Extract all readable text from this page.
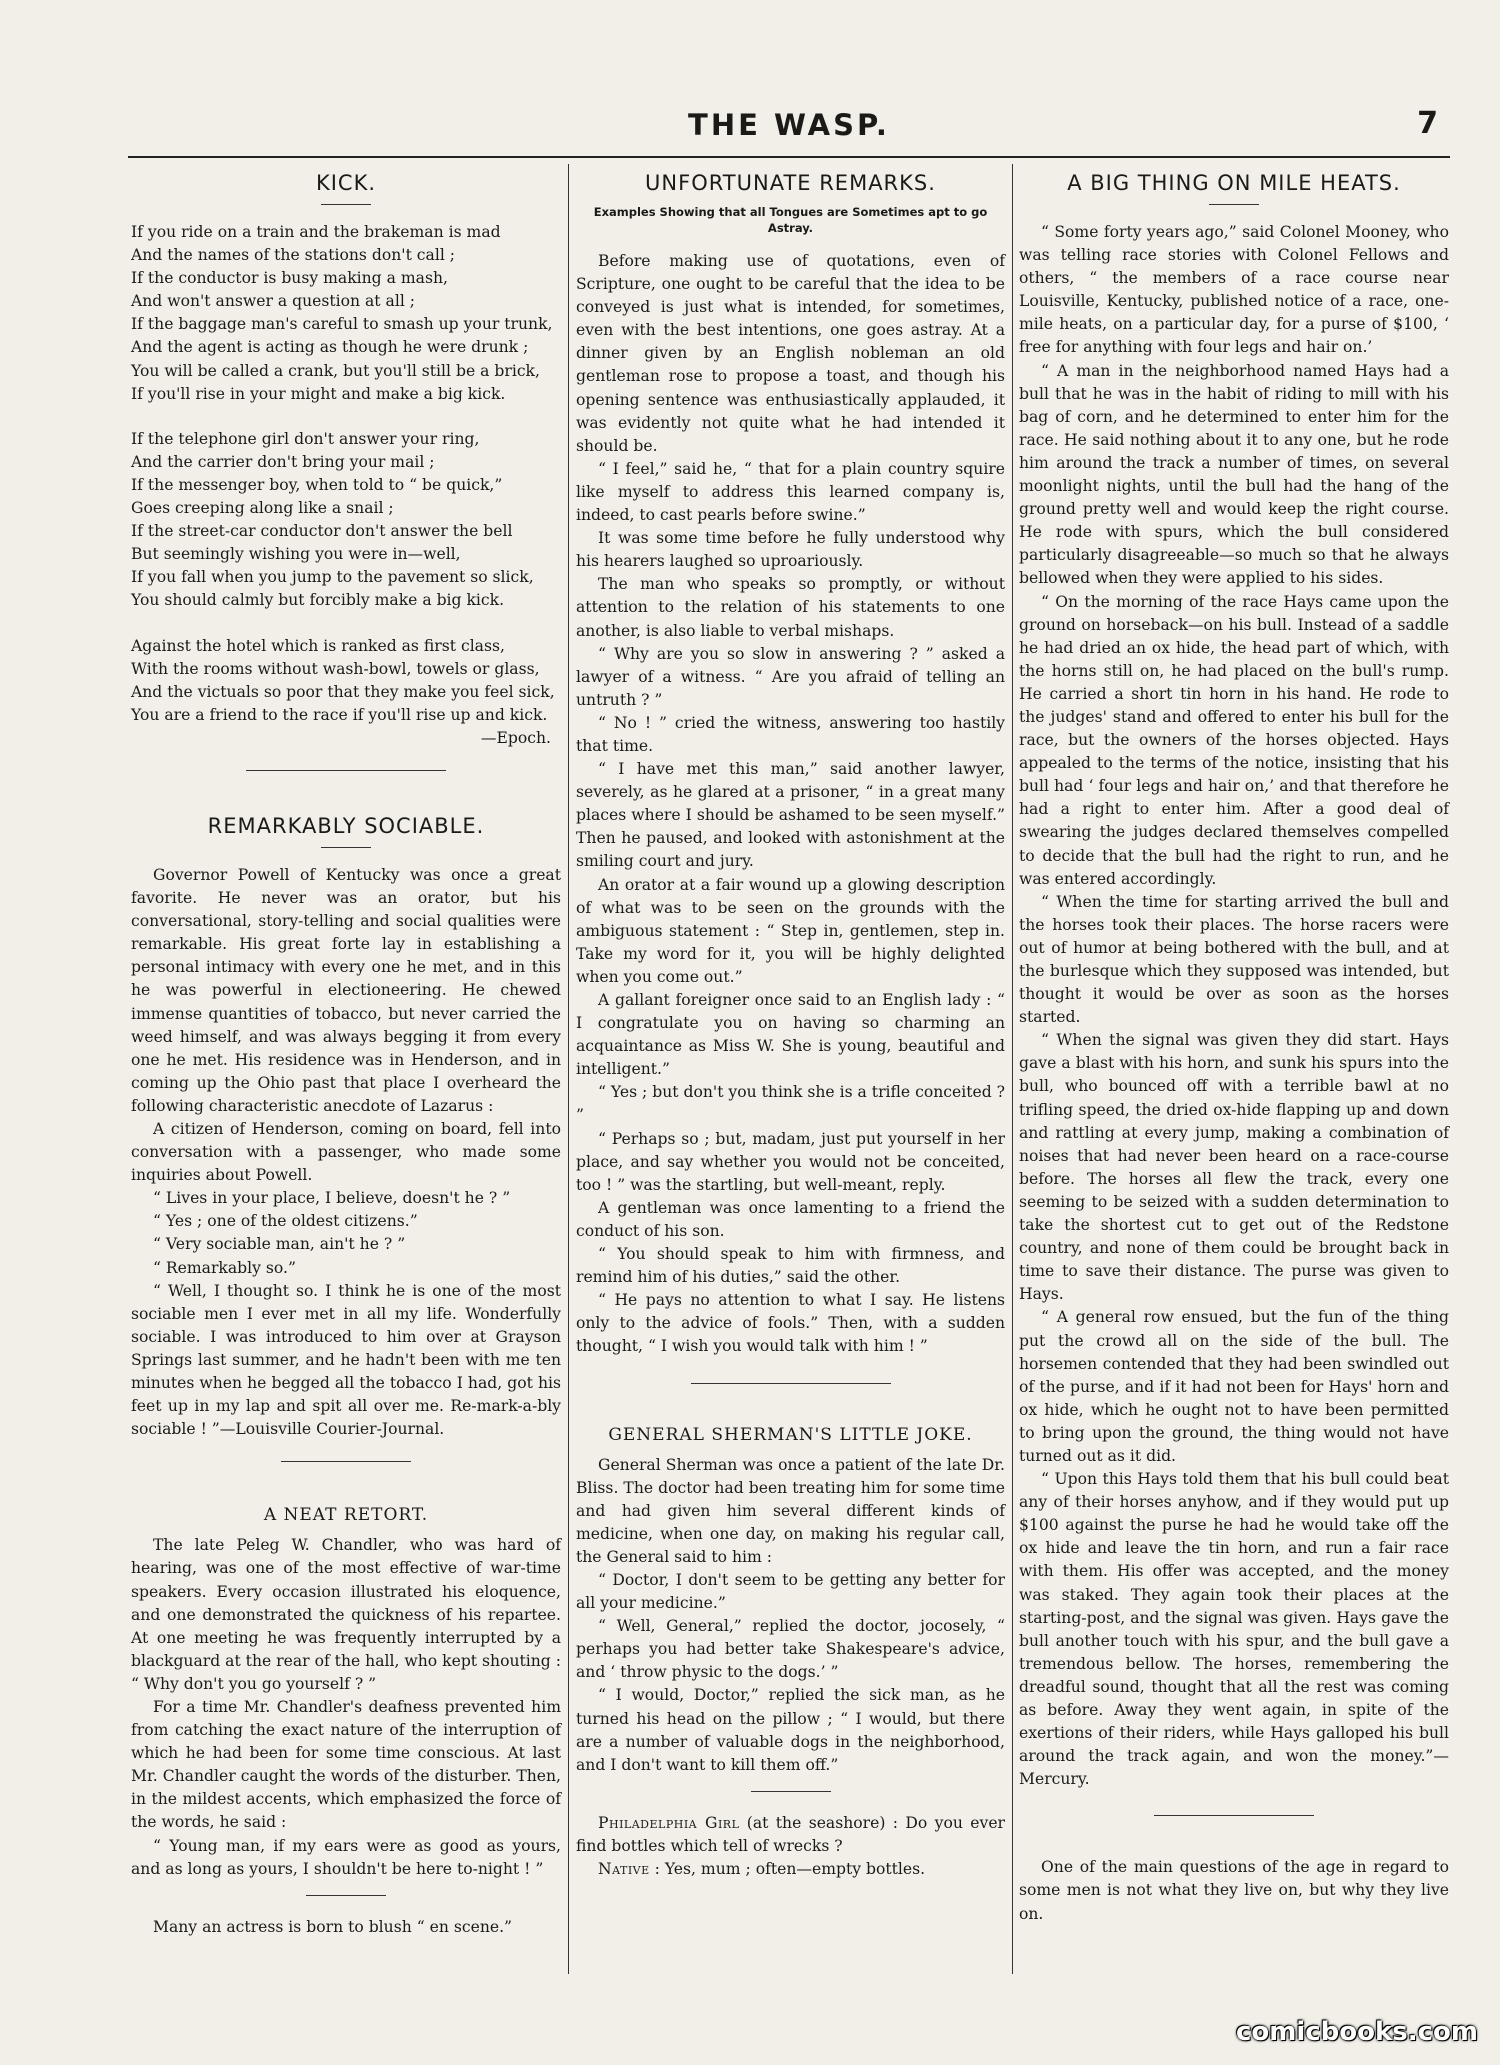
THE WASP.	7
KICK.
If you ride on a train and the brakeman is mad
And the names of the stations don't call ;
If the conductor is busy making a mash,
And won't answer a question at all ;
If the baggage man's careful to smash up your trunk,
And the agent is acting as though he were drunk ;
You will be called a crank, but you'll still be a brick,
If you'll rise in your might and make a big kick.
If the telephone girl don't answer your ring,
And the carrier don't bring your mail ;
If the messenger boy, when told to “ be quick,”
Goes creeping along like a snail ;
If the street-car conductor don't answer the bell
But seemingly wishing you were in—well,
If you fall when you jump to the pavement so slick,
You should calmly but forcibly make a big kick.
Against the hotel which is ranked as first class,
With the rooms without wash-bowl, towels or glass,
And the victuals so poor that they make you feel sick,
You are a friend to the race if you'll rise up and kick.
—Epoch.
REMARKABLY SOCIABLE.

Governor Powell of Kentucky was once a great favorite. He never was an orator, but his conversational, story-telling and social qualities were remarkable. His great forte lay in establishing a personal intimacy with every one he met, and in this he was powerful in electioneering. He chewed immense quantities of tobacco, but never carried the weed himself, and was always begging it from every one he met. His residence was in Henderson, and in coming up the Ohio past that place I overheard the following characteristic anecdote of Lazarus :

A citizen of Henderson, coming on board, fell into conversation with a passenger, who made some inquiries about Powell.

“ Lives in your place, I believe, doesn't he ? ”

“ Yes ; one of the oldest citizens.”

“ Very sociable man, ain't he ? ”

“ Remarkably so.”

“ Well, I thought so. I think he is one of the most sociable men I ever met in all my life. Wonderfully sociable. I was introduced to him over at Grayson Springs last summer, and he hadn't been with me ten minutes when he begged all the tobacco I had, got his feet up in my lap and spit all over me. Re-mark-a-bly sociable ! ”—Louisville Courier-Journal.

A NEAT RETORT.

The late Peleg W. Chandler, who was hard of hearing, was one of the most effective of war-time speakers. Every occasion illustrated his eloquence, and one demonstrated the quickness of his repartee. At one meeting he was frequently interrupted by a blackguard at the rear of the hall, who kept shouting : “ Why don't you go yourself ? ”

For a time Mr. Chandler's deafness prevented him from catching the exact nature of the interruption of which he had been for some time conscious. At last Mr. Chandler caught the words of the disturber. Then, in the mildest accents, which emphasized the force of the words, he said :

“ Young man, if my ears were as good as yours, and as long as yours, I shouldn't be here to-night ! ”

Many an actress is born to blush “ en scene.”

UNFORTUNATE REMARKS.
Examples Showing that all Tongues are Sometimes apt to go Astray.

Before making use of quotations, even of Scripture, one ought to be careful that the idea to be conveyed is just what is intended, for sometimes, even with the best intentions, one goes astray. At a dinner given by an English nobleman an old gentleman rose to propose a toast, and though his opening sentence was enthusiastically applauded, it was evidently not quite what he had intended it should be.

“ I feel,” said he, “ that for a plain country squire like myself to address this learned company is, indeed, to cast pearls before swine.”

It was some time before he fully understood why his hearers laughed so uproariously.

The man who speaks so promptly, or without attention to the relation of his statements to one another, is also liable to verbal mishaps.

“ Why are you so slow in answering ? ” asked a lawyer of a witness. “ Are you afraid of telling an untruth ? ”

“ No ! ” cried the witness, answering too hastily that time.

“ I have met this man,” said another lawyer, severely, as he glared at a prisoner, “ in a great many places where I should be ashamed to be seen myself.” Then he paused, and looked with astonishment at the smiling court and jury.

An orator at a fair wound up a glowing description of what was to be seen on the grounds with the ambiguous statement : “ Step in, gentlemen, step in. Take my word for it, you will be highly delighted when you come out.”

A gallant foreigner once said to an English lady : “ I congratulate you on having so charming an acquaintance as Miss W. She is young, beautiful and intelligent.”

“ Yes ; but don't you think she is a trifle conceited ? ”

“ Perhaps so ; but, madam, just put yourself in her place, and say whether you would not be conceited, too ! ” was the startling, but well-meant, reply.

A gentleman was once lamenting to a friend the conduct of his son.

“ You should speak to him with firmness, and remind him of his duties,” said the other.

“ He pays no attention to what I say. He listens only to the advice of fools.” Then, with a sudden thought, “ I wish you would talk with him ! ”

GENERAL SHERMAN'S LITTLE JOKE.

General Sherman was once a patient of the late Dr. Bliss. The doctor had been treating him for some time and had given him several different kinds of medicine, when one day, on making his regular call, the General said to him :

“ Doctor, I don't seem to be getting any better for all your medicine.”

“ Well, General,” replied the doctor, jocosely, “ perhaps you had better take Shakespeare's advice, and ‘ throw physic to the dogs.’ ”

“ I would, Doctor,” replied the sick man, as he turned his head on the pillow ; “ I would, but there are a number of valuable dogs in the neighborhood, and I don't want to kill them off.”

Philadelphia Girl (at the seashore) : Do you ever find bottles which tell of wrecks ?

Native : Yes, mum ; often—empty bottles.

A BIG THING ON MILE HEATS.

“ Some forty years ago,” said Colonel Mooney, who was telling race stories with Colonel Fellows and others, “ the members of a race course near Louisville, Kentucky, published notice of a race, one-mile heats, on a particular day, for a purse of $100, ‘ free for anything with four legs and hair on.’

“ A man in the neighborhood named Hays had a bull that he was in the habit of riding to mill with his bag of corn, and he determined to enter him for the race. He said nothing about it to any one, but he rode him around the track a number of times, on several moonlight nights, until the bull had the hang of the ground pretty well and would keep the right course. He rode with spurs, which the bull considered particularly disagreeable—so much so that he always bellowed when they were applied to his sides.

“ On the morning of the race Hays came upon the ground on horseback—on his bull. Instead of a saddle he had dried an ox hide, the head part of which, with the horns still on, he had placed on the bull's rump. He carried a short tin horn in his hand. He rode to the judges' stand and offered to enter his bull for the race, but the owners of the horses objected. Hays appealed to the terms of the notice, insisting that his bull had ‘ four legs and hair on,’ and that therefore he had a right to enter him. After a good deal of swearing the judges declared themselves compelled to decide that the bull had the right to run, and he was entered accordingly.

“ When the time for starting arrived the bull and the horses took their places. The horse racers were out of humor at being bothered with the bull, and at the burlesque which they supposed was intended, but thought it would be over as soon as the horses started.

“ When the signal was given they did start. Hays gave a blast with his horn, and sunk his spurs into the bull, who bounced off with a terrible bawl at no trifling speed, the dried ox-hide flapping up and down and rattling at every jump, making a combination of noises that had never been heard on a race-course before. The horses all flew the track, every one seeming to be seized with a sudden determination to take the shortest cut to get out of the Redstone country, and none of them could be brought back in time to save their distance. The purse was given to Hays.

“ A general row ensued, but the fun of the thing put the crowd all on the side of the bull. The horsemen contended that they had been swindled out of the purse, and if it had not been for Hays' horn and ox hide, which he ought not to have been permitted to bring upon the ground, the thing would not have turned out as it did.

“ Upon this Hays told them that his bull could beat any of their horses anyhow, and if they would put up $100 against the purse he had he would take off the ox hide and leave the tin horn, and run a fair race with them. His offer was accepted, and the money was staked. They again took their places at the starting-post, and the signal was given. Hays gave the bull another touch with his spur, and the bull gave a tremendous bellow. The horses, remembering the dreadful sound, thought that all the rest was coming as before. Away they went again, in spite of the exertions of their riders, while Hays galloped his bull around the track again, and won the money.”—Mercury.

One of the main questions of the age in regard to some men is not what they live on, but why they live on.

comicbooks.com
